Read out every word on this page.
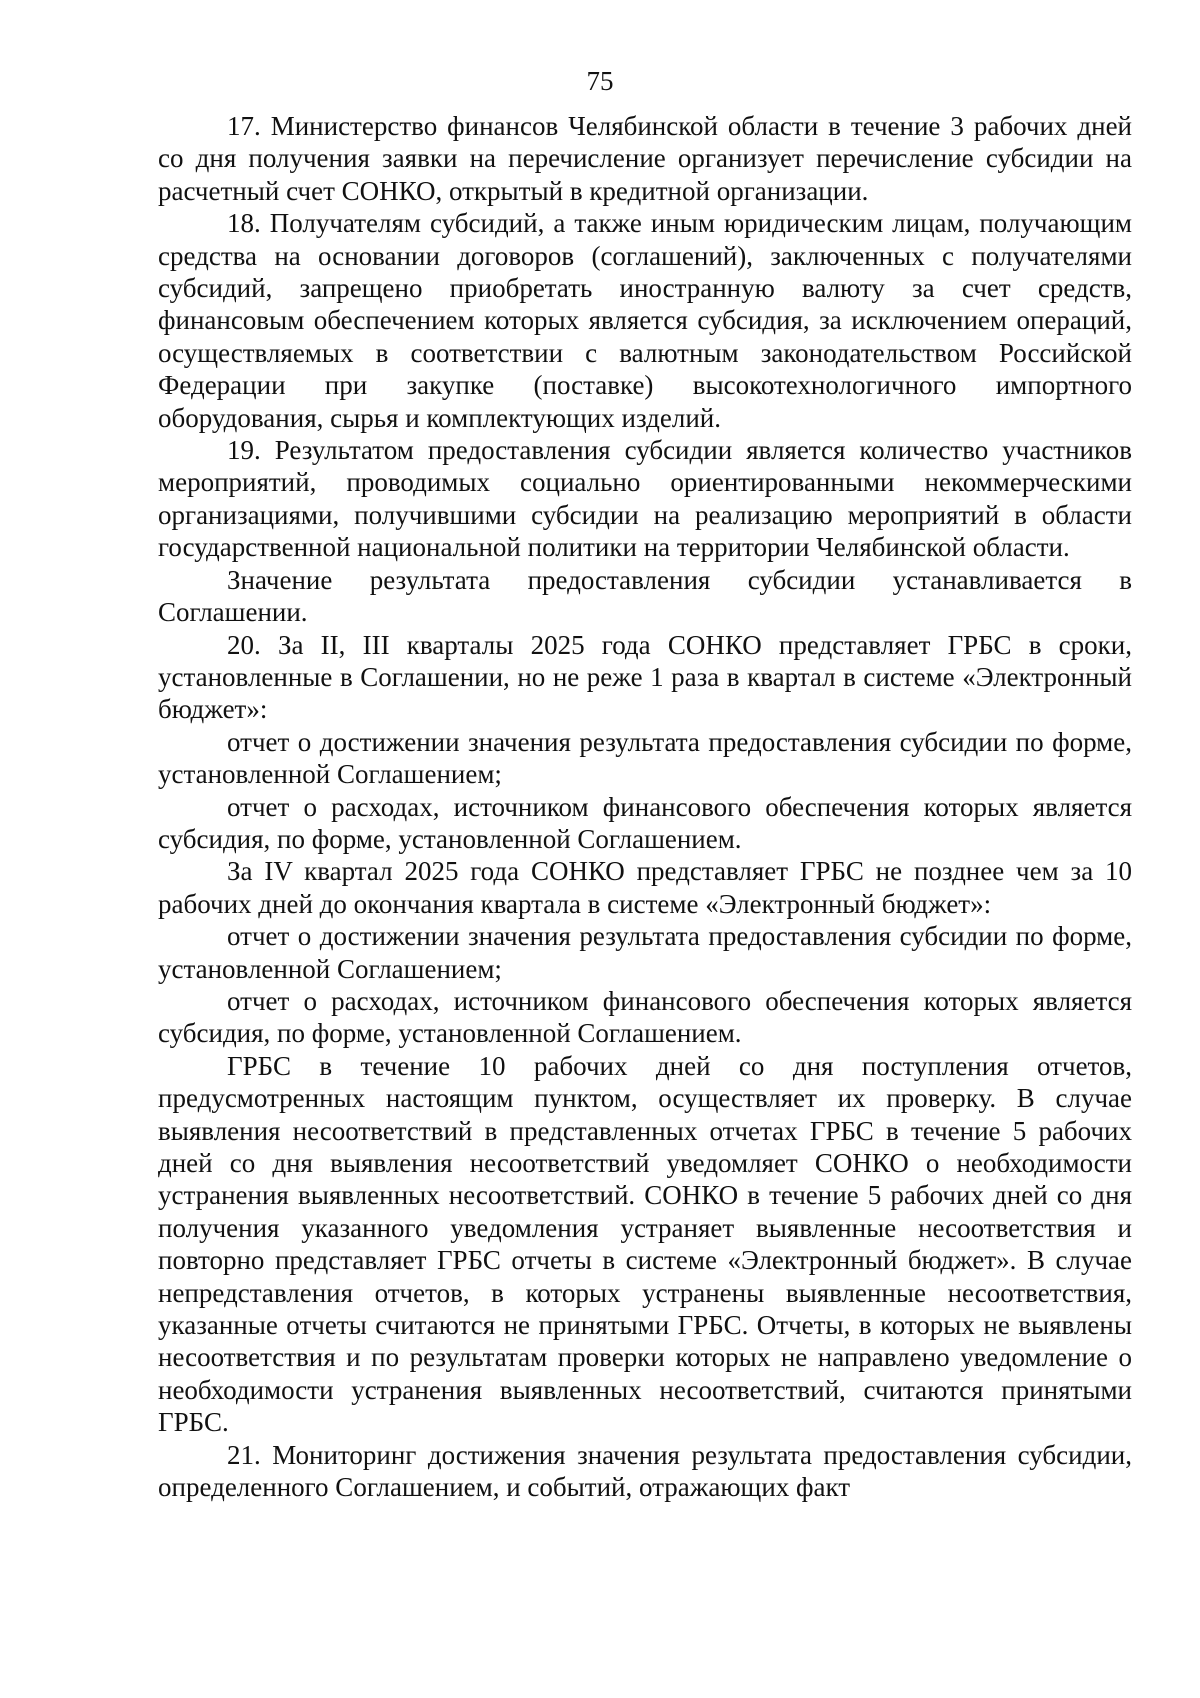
75

17. Министерство финансов Челябинской области в течение 3 рабочих дней со дня получения заявки на перечисление организует перечисление субсидии на расчетный счет СОНКО, открытый в кредитной организации.

18. Получателям субсидий, а также иным юридическим лицам, получающим средства на основании договоров (соглашений), заключенных с получателями субсидий, запрещено приобретать иностранную валюту за счет средств, финансовым обеспечением которых является субсидия, за исключением операций, осуществляемых в соответствии с валютным законодательством Российской Федерации при закупке (поставке) высокотехнологичного импортного оборудования, сырья и комплектующих изделий.

19. Результатом предоставления субсидии является количество участников мероприятий, проводимых социально ориентированными некоммерческими организациями, получившими субсидии на реализацию мероприятий в области государственной национальной политики на территории Челябинской области.

Значение результата предоставления субсидии устанавливается в Соглашении.

20. За II, III кварталы 2025 года СОНКО представляет ГРБС в сроки, установленные в Соглашении, но не реже 1 раза в квартал в системе «Электронный бюджет»:

отчет о достижении значения результата предоставления субсидии по форме, установленной Соглашением;

отчет о расходах, источником финансового обеспечения которых является субсидия, по форме, установленной Соглашением.

За IV квартал 2025 года СОНКО представляет ГРБС не позднее чем за 10 рабочих дней до окончания квартала в системе «Электронный бюджет»:

отчет о достижении значения результата предоставления субсидии по форме, установленной Соглашением;

отчет о расходах, источником финансового обеспечения которых является субсидия, по форме, установленной Соглашением.

ГРБС в течение 10 рабочих дней со дня поступления отчетов, предусмотренных настоящим пунктом, осуществляет их проверку. В случае выявления несоответствий в представленных отчетах ГРБС в течение 5 рабочих дней со дня выявления несоответствий уведомляет СОНКО о необходимости устранения выявленных несоответствий. СОНКО в течение 5 рабочих дней со дня получения указанного уведомления устраняет выявленные несоответствия и повторно представляет ГРБС отчеты в системе «Электронный бюджет». В случае непредставления отчетов, в которых устранены выявленные несоответствия, указанные отчеты считаются не принятыми ГРБС. Отчеты, в которых не выявлены несоответствия и по результатам проверки которых не направлено уведомление о необходимости устранения выявленных несоответствий, считаются принятыми ГРБС.

21. Мониторинг достижения значения результата предоставления субсидии, определенного Соглашением, и событий, отражающих факт
